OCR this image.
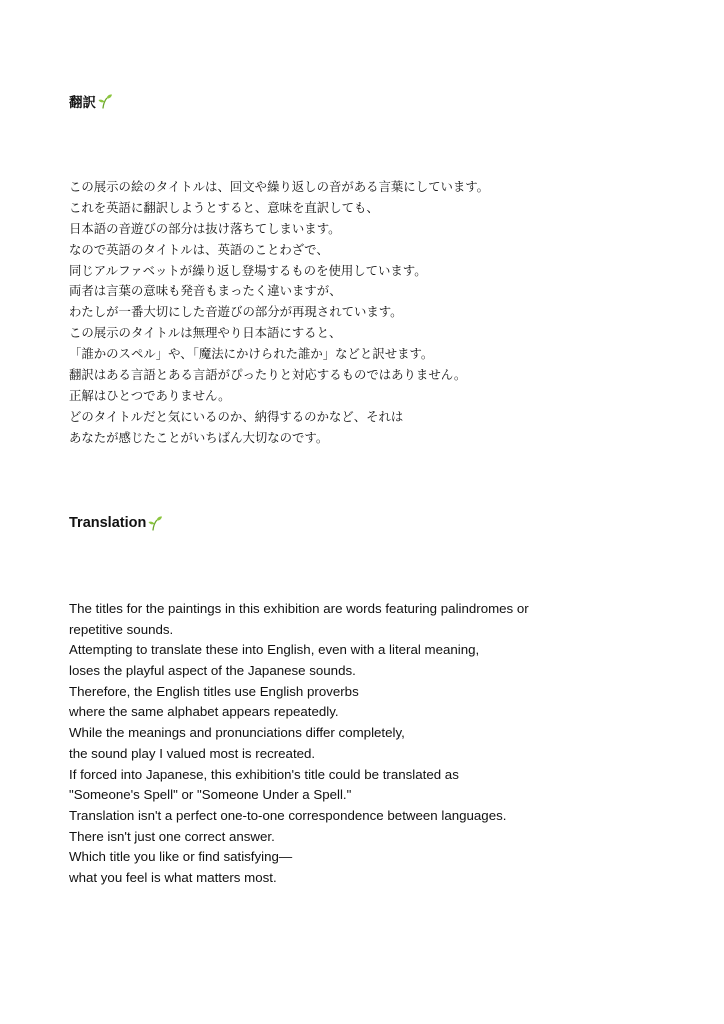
翻訳
この展示の絵のタイトルは、回文や繰り返しの音がある言葉にしています。
これを英語に翻訳しようとすると、意味を直訳しても、
日本語の音遊びの部分は抜け落ちてしまいます。
なので英語のタイトルは、英語のことわざで、
同じアルファベットが繰り返し登場するものを使用しています。
両者は言葉の意味も発音もまったく違いますが、
わたしが一番大切にした音遊びの部分が再現されています。
この展示のタイトルは無理やり日本語にすると、
「誰かのスペル」や、「魔法にかけられた誰か」などと訳せます。
翻訳はある言語とある言語がぴったりと対応するものではありません。
正解はひとつでありません。
どのタイトルだと気にいるのか、納得するのかなど、それは
あなたが感じたことがいちばん大切なのです。
Translation
The titles for the paintings in this exhibition are words featuring palindromes or
repetitive sounds.
Attempting to translate these into English, even with a literal meaning,
loses the playful aspect of the Japanese sounds.
Therefore, the English titles use English proverbs
where the same alphabet appears repeatedly.
While the meanings and pronunciations differ completely,
the sound play I valued most is recreated.
If forced into Japanese, this exhibition's title could be translated as
"Someone's Spell" or "Someone Under a Spell."
Translation isn't a perfect one-to-one correspondence between languages.
There isn't just one correct answer.
Which title you like or find satisfying—
what you feel is what matters most.
